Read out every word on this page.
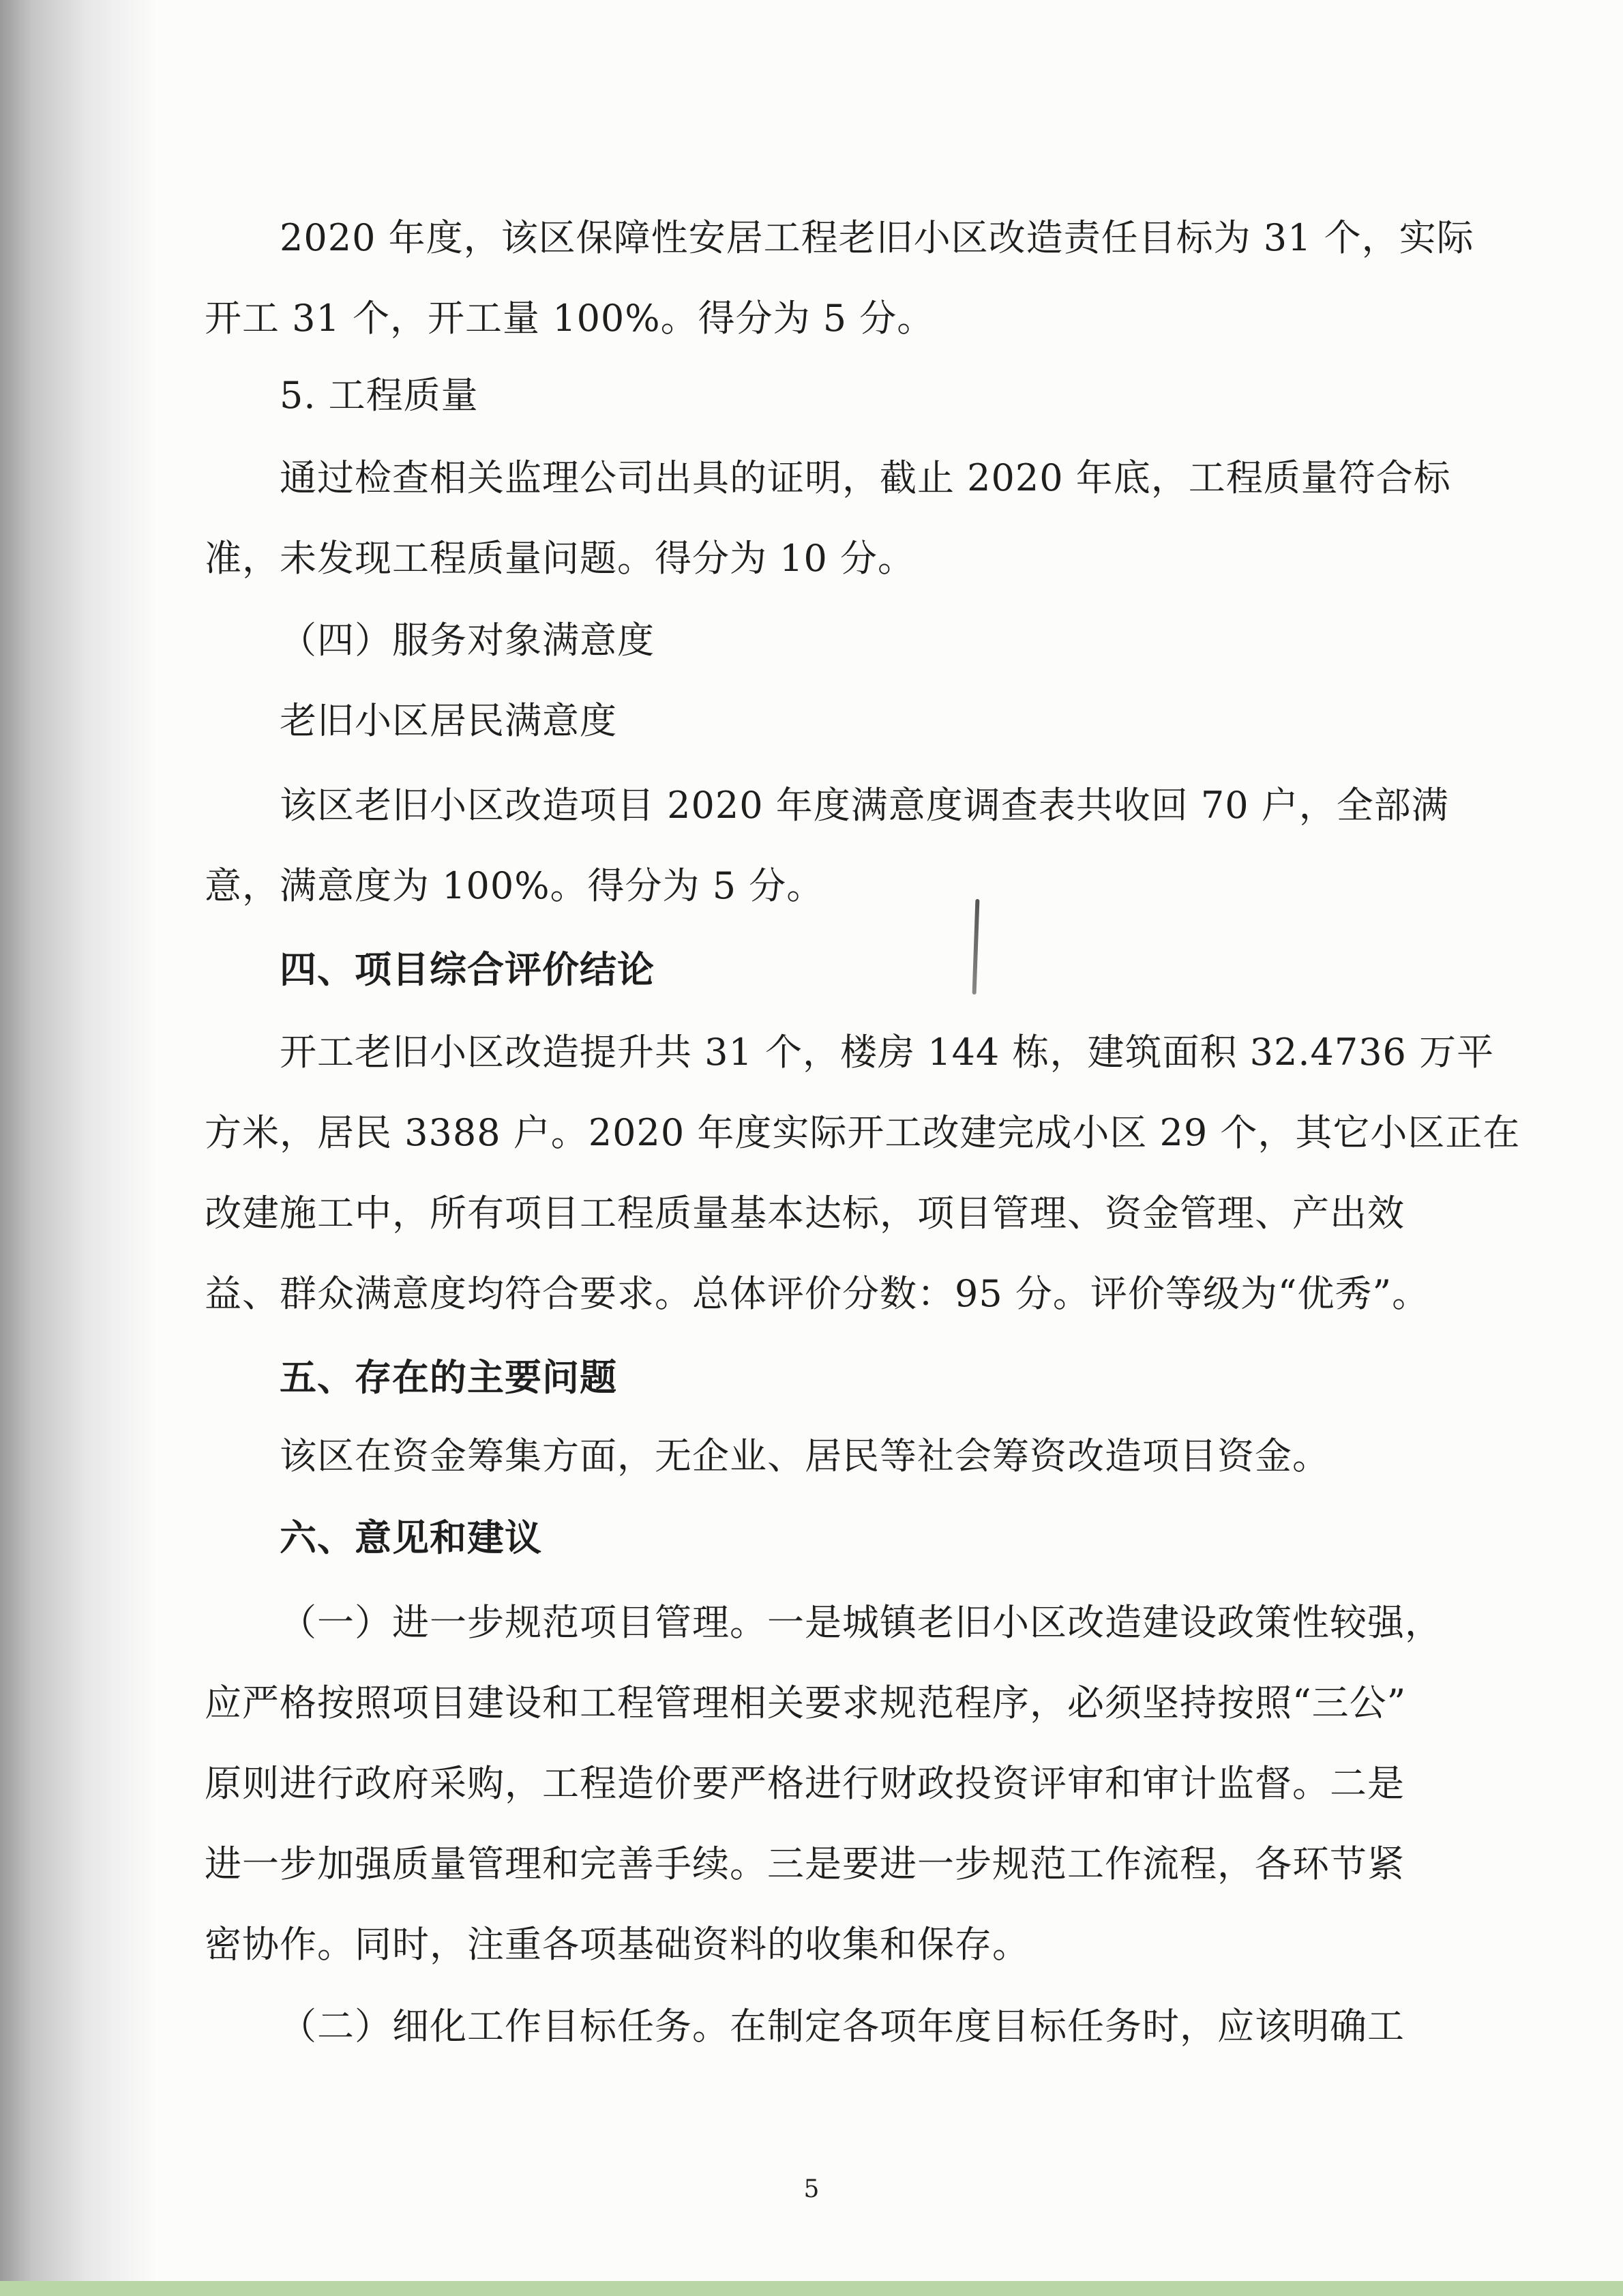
2020 年度，该区保障性安居工程老旧小区改造责任目标为 31 个，实际
开工 31 个，开工量 100%。得分为 5 分。
5. 工程质量
通过检查相关监理公司出具的证明，截止 2020 年底，工程质量符合标
准，未发现工程质量问题。得分为 10 分。
（四）服务对象满意度
老旧小区居民满意度
该区老旧小区改造项目 2020 年度满意度调查表共收回 70 户，全部满
意，满意度为 100%。得分为 5 分。
四、项目综合评价结论
开工老旧小区改造提升共 31 个，楼房 144 栋，建筑面积 32.4736 万平
方米，居民 3388 户。2020 年度实际开工改建完成小区 29 个，其它小区正在
改建施工中，所有项目工程质量基本达标，项目管理、资金管理、产出效
益、群众满意度均符合要求。总体评价分数：95 分。评价等级为“优秀”。
五、存在的主要问题
该区在资金筹集方面，无企业、居民等社会筹资改造项目资金。
六、意见和建议
（一）进一步规范项目管理。一是城镇老旧小区改造建设政策性较强，
应严格按照项目建设和工程管理相关要求规范程序，必须坚持按照“三公”
原则进行政府采购，工程造价要严格进行财政投资评审和审计监督。二是
进一步加强质量管理和完善手续。三是要进一步规范工作流程，各环节紧
密协作。同时，注重各项基础资料的收集和保存。
（二）细化工作目标任务。在制定各项年度目标任务时，应该明确工
5
